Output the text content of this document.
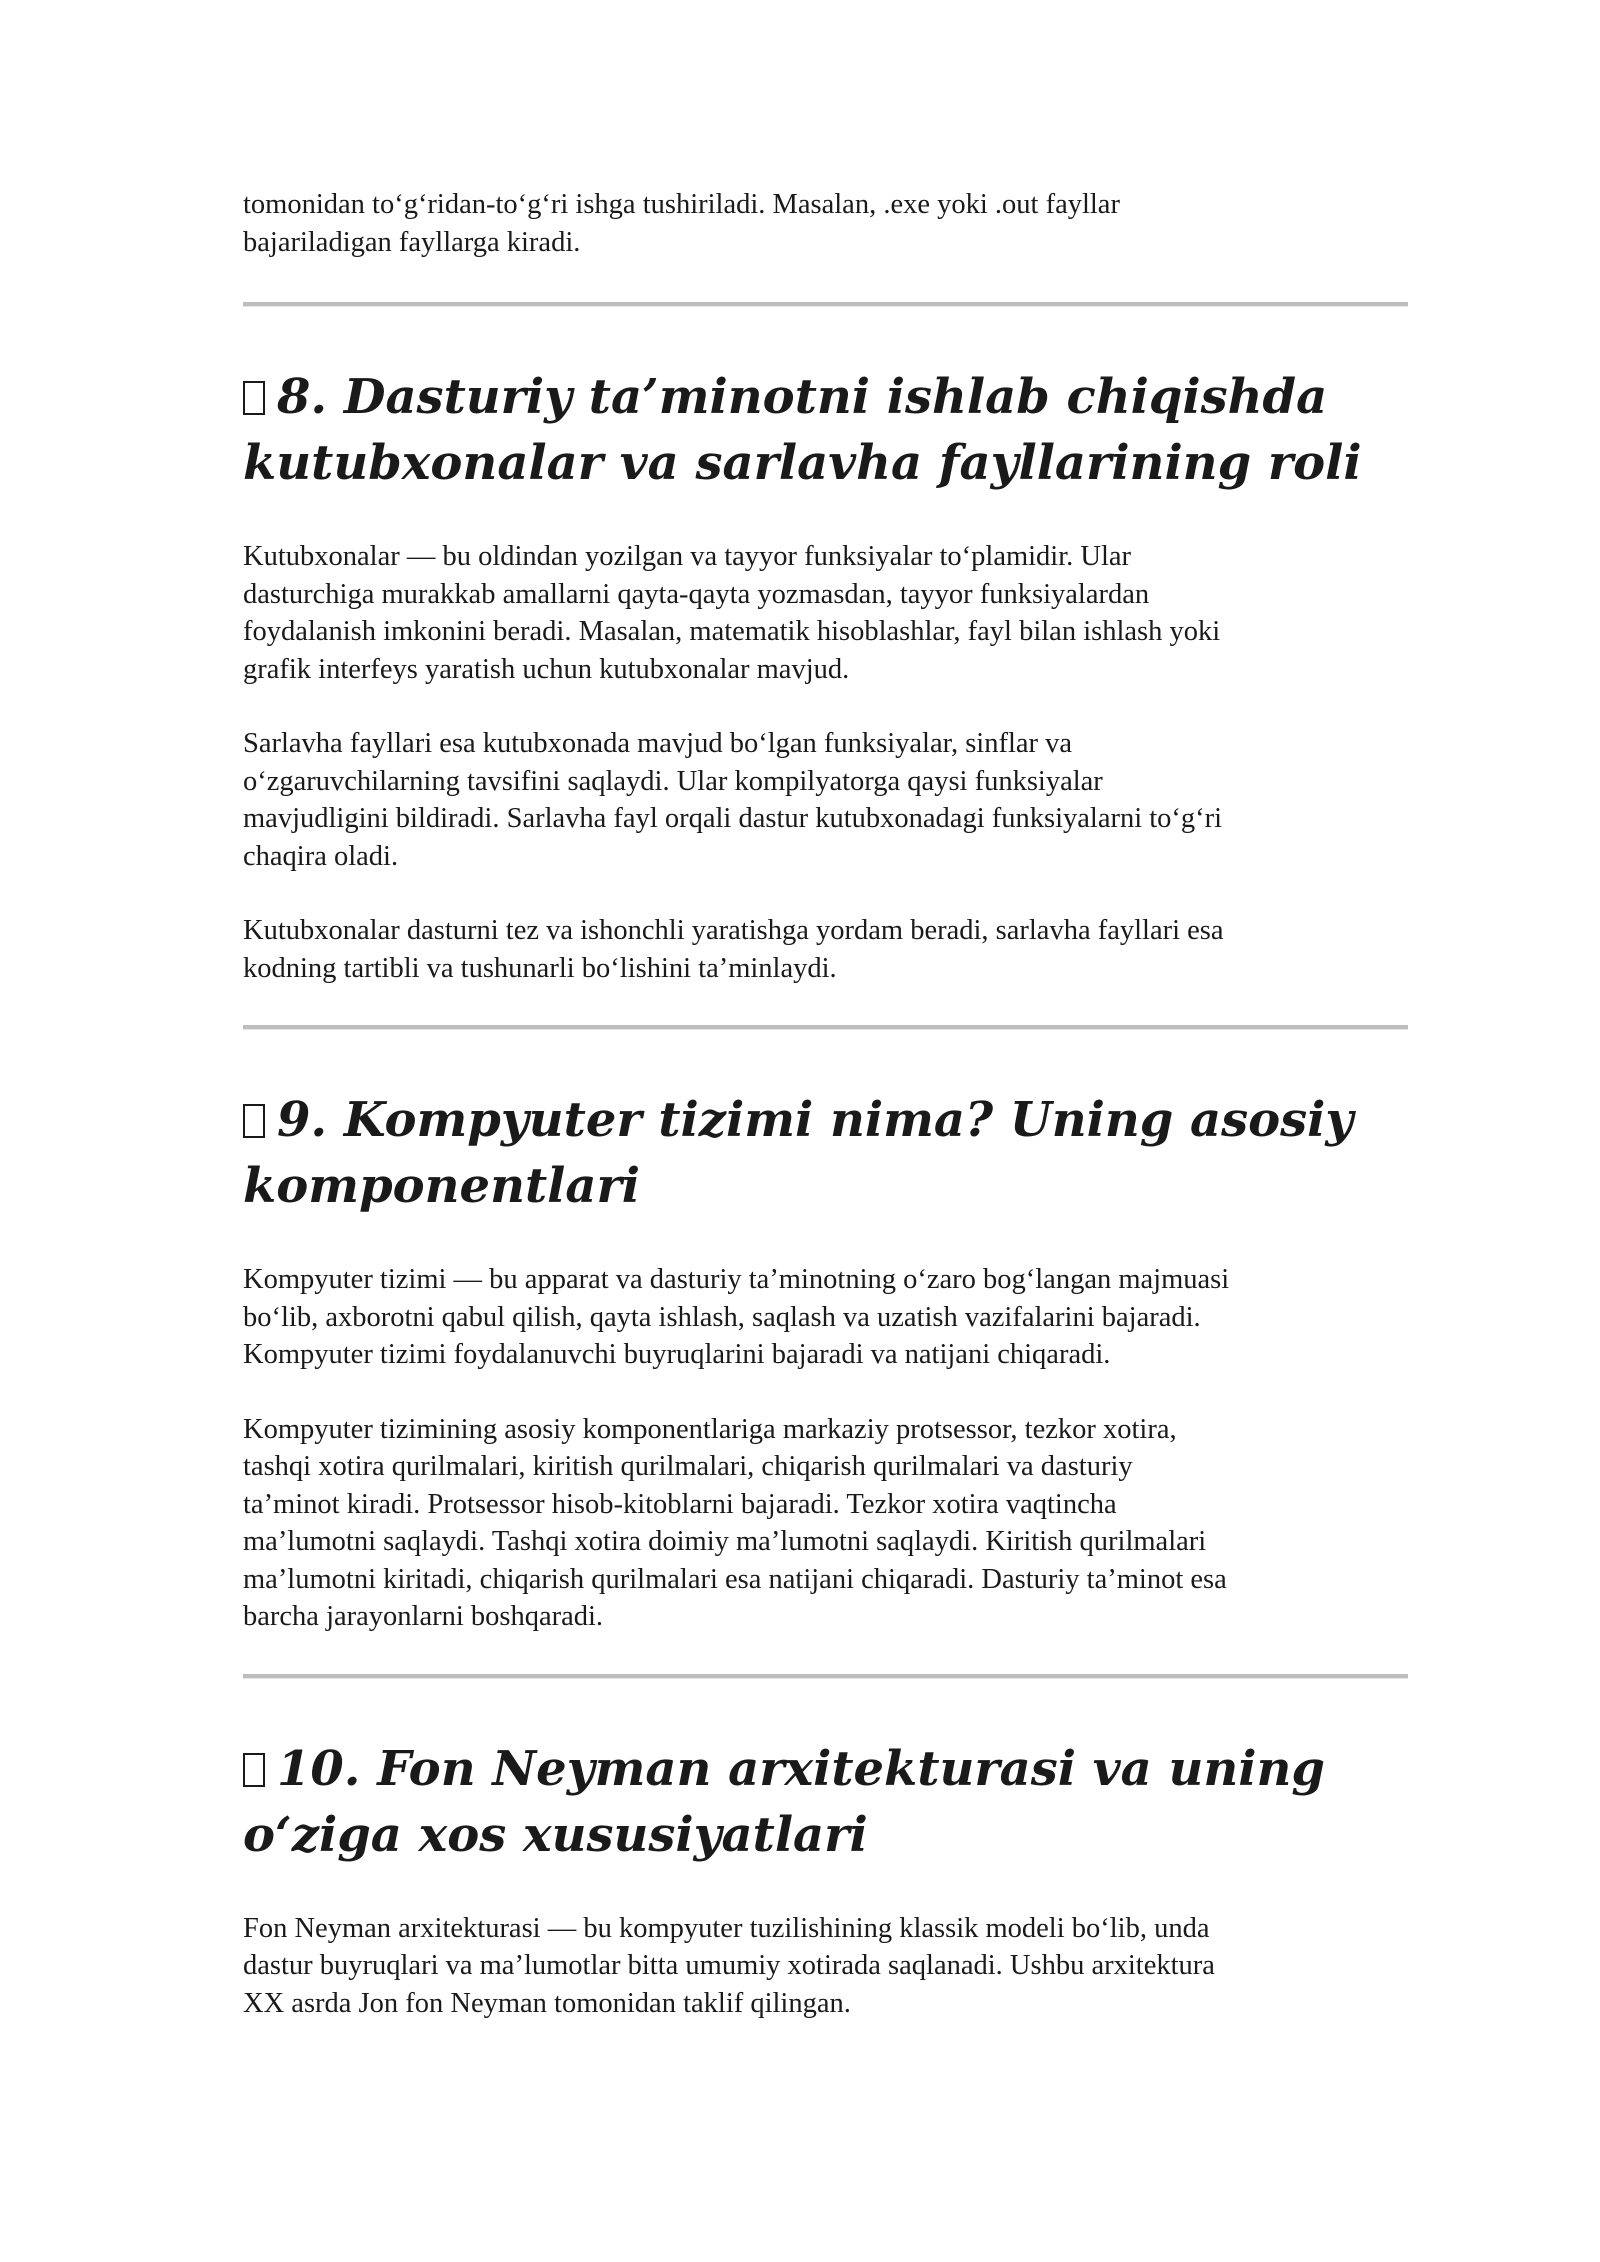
tomonidan to‘g‘ridan-to‘g‘ri ishga tushiriladi. Masalan, .exe yoki .out fayllar
bajariladigan fayllarga kiradi.

8. Dasturiy ta’minotni ishlab chiqishda
kutubxonalar va sarlavha fayllarining roli

Kutubxonalar — bu oldindan yozilgan va tayyor funksiyalar to‘plamidir. Ular
dasturchiga murakkab amallarni qayta-qayta yozmasdan, tayyor funksiyalardan
foydalanish imkonini beradi. Masalan, matematik hisoblashlar, fayl bilan ishlash yoki
grafik interfeys yaratish uchun kutubxonalar mavjud.

Sarlavha fayllari esa kutubxonada mavjud bo‘lgan funksiyalar, sinflar va
o‘zgaruvchilarning tavsifini saqlaydi. Ular kompilyatorga qaysi funksiyalar
mavjudligini bildiradi. Sarlavha fayl orqali dastur kutubxonadagi funksiyalarni to‘g‘ri
chaqira oladi.

Kutubxonalar dasturni tez va ishonchli yaratishga yordam beradi, sarlavha fayllari esa
kodning tartibli va tushunarli bo‘lishini ta’minlaydi.

9. Kompyuter tizimi nima? Uning asosiy
komponentlari

Kompyuter tizimi — bu apparat va dasturiy ta’minotning o‘zaro bog‘langan majmuasi
bo‘lib, axborotni qabul qilish, qayta ishlash, saqlash va uzatish vazifalarini bajaradi.
Kompyuter tizimi foydalanuvchi buyruqlarini bajaradi va natijani chiqaradi.

Kompyuter tizimining asosiy komponentlariga markaziy protsessor, tezkor xotira,
tashqi xotira qurilmalari, kiritish qurilmalari, chiqarish qurilmalari va dasturiy
ta’minot kiradi. Protsessor hisob-kitoblarni bajaradi. Tezkor xotira vaqtincha
ma’lumotni saqlaydi. Tashqi xotira doimiy ma’lumotni saqlaydi. Kiritish qurilmalari
ma’lumotni kiritadi, chiqarish qurilmalari esa natijani chiqaradi. Dasturiy ta’minot esa
barcha jarayonlarni boshqaradi.

10. Fon Neyman arxitekturasi va uning
o‘ziga xos xususiyatlari

Fon Neyman arxitekturasi — bu kompyuter tuzilishining klassik modeli bo‘lib, unda
dastur buyruqlari va ma’lumotlar bitta umumiy xotirada saqlanadi. Ushbu arxitektura
XX asrda Jon fon Neyman tomonidan taklif qilingan.
